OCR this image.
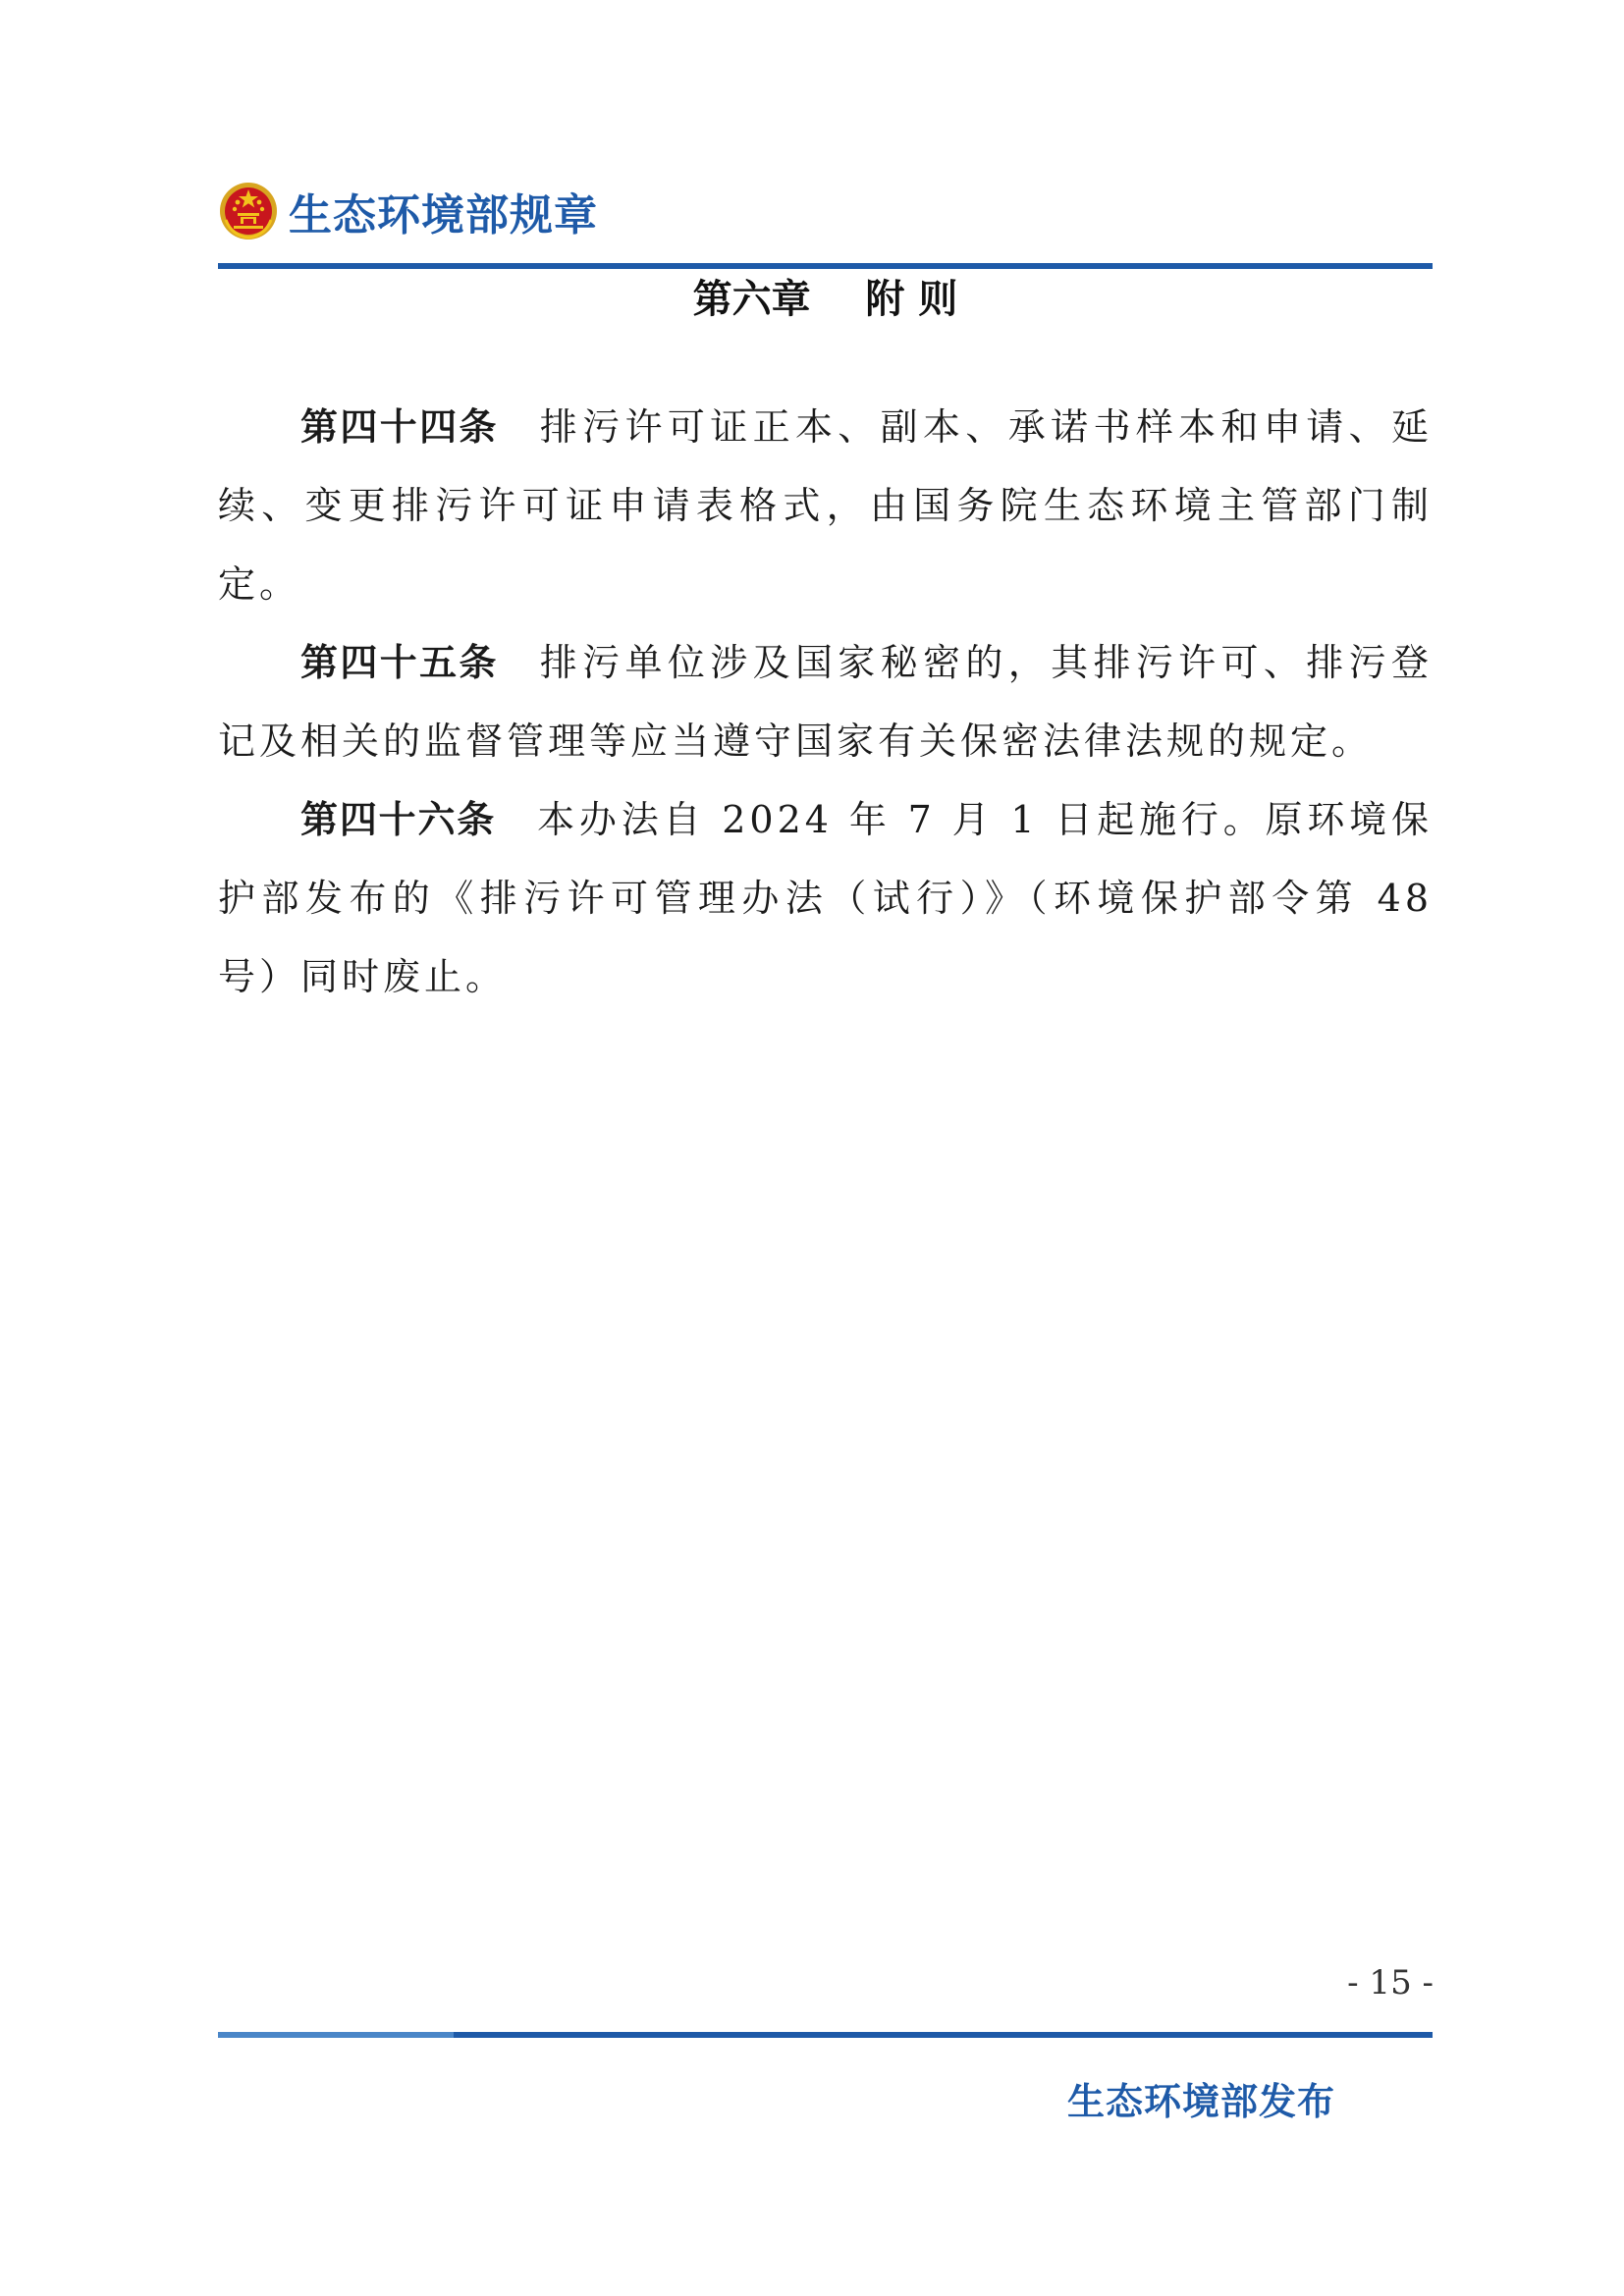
生态环境部规章
第六章 附 则

第四十四条 排污许可证正本、副本、承诺书样本和申请、延续、变更排污许可证申请表格式，由国务院生态环境主管部门制定。

第四十五条 排污单位涉及国家秘密的，其排污许可、排污登记及相关的监督管理等应当遵守国家有关保密法律法规的规定。

第四十六条 本办法自 2024 年 7 月 1 日起施行。原环境保护部发布的《排污许可管理办法（试行）》（环境保护部令第 48 号）同时废止。

- 15 -
生态环境部发布
